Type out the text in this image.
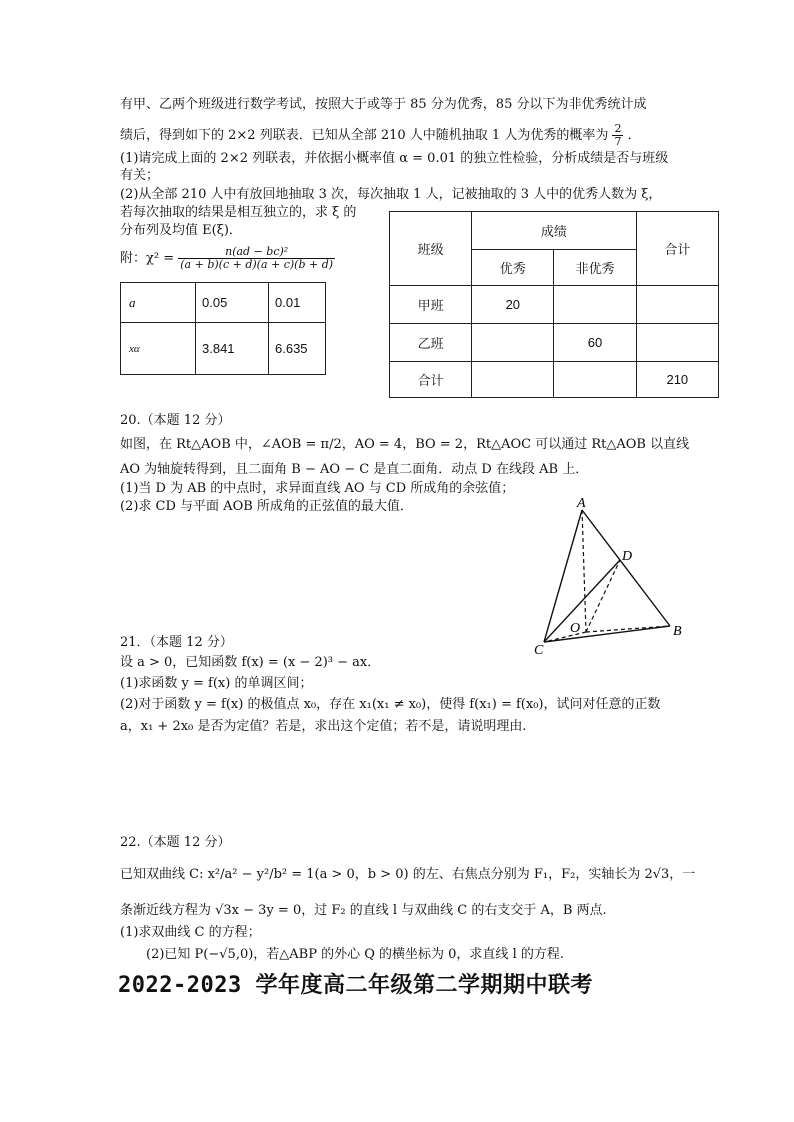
有甲、乙两个班级进行数学考试，按照大于或等于 85 分为优秀，85 分以下为非优秀统计成
绩后，得到如下的 2×2 列联表．已知从全部 210 人中随机抽取 1 人为优秀的概率为 $\frac{2}{7}$ ．
(1)请完成上面的 2×2 列联表，并依据小概率值 α = 0.01 的独立性检验，分析成绩是否与班级
有关；
(2)从全部 210 人中有放回地抽取 3 次，每次抽取 1 人，记被抽取的 3 人中的优秀人数为 ξ，
若每次抽取的结果是相互独立的，求 ξ 的
分布列及均值 E(ξ)．
附：$\chi^2 = \frac{\text{n(ad − bc)²}}{(a + b)(c + d)(a + c)(b + d)}$
a	0.05	0.01
xα	3.841	6.635
班级	成绩		合计
	优秀	非优秀	
甲班	20		
乙班		60	
合计			210
20.（本题 12 分）
如图，在 Rt△AOB 中，∠AOB = π/2，AO = 4，BO = 2，Rt△AOC 可以通过 Rt△AOB 以直线
AO 为轴旋转得到，且二面角 B − AO − C 是直二面角．动点 D 在线段 AB 上．
(1)当 D 为 AB 的中点时，求异面直线 AO 与 CD 所成角的余弦值；
(2)求 CD 与平面 AOB 所成角的正弦值的最大值．	A
D
O	B
C
21．（本题 12 分）
设 a > 0，已知函数 f(x) = (x − 2)³ − ax．
(1)求函数 y = f(x) 的单调区间；
(2)对于函数 y = f(x) 的极值点 x₀，存在 x₁(x₁ ≠ x₀)，使得 f(x₁) = f(x₀)，试问对任意的正数
a，x₁ + 2x₀ 是否为定值？若是，求出这个定值；若不是，请说明理由.
22.（本题 12 分）
已知双曲线 C: x²/a² − y²/b² = 1(a > 0，b > 0) 的左、右焦点分别为 F₁，F₂，实轴长为 2√3，一
条渐近线方程为 √3x − 3y = 0，过 F₂ 的直线 l 与双曲线 C 的右支交于 A，B 两点.
(1)求双曲线 C 的方程；
(2)已知 P(−√5,0)，若△ABP 的外心 Q 的横坐标为 0，求直线 l 的方程.
2022-2023 学年度高二年级第二学期期中联考
